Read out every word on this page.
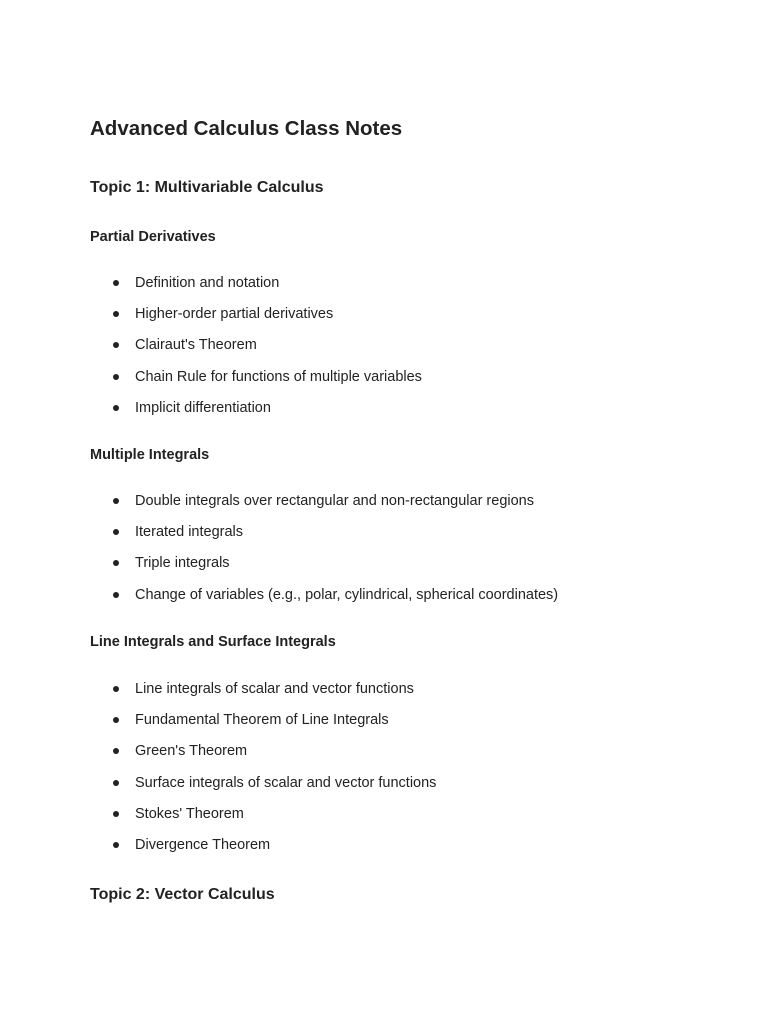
Advanced Calculus Class Notes
Topic 1: Multivariable Calculus
Partial Derivatives
Definition and notation
Higher-order partial derivatives
Clairaut's Theorem
Chain Rule for functions of multiple variables
Implicit differentiation
Multiple Integrals
Double integrals over rectangular and non-rectangular regions
Iterated integrals
Triple integrals
Change of variables (e.g., polar, cylindrical, spherical coordinates)
Line Integrals and Surface Integrals
Line integrals of scalar and vector functions
Fundamental Theorem of Line Integrals
Green's Theorem
Surface integrals of scalar and vector functions
Stokes' Theorem
Divergence Theorem
Topic 2: Vector Calculus
